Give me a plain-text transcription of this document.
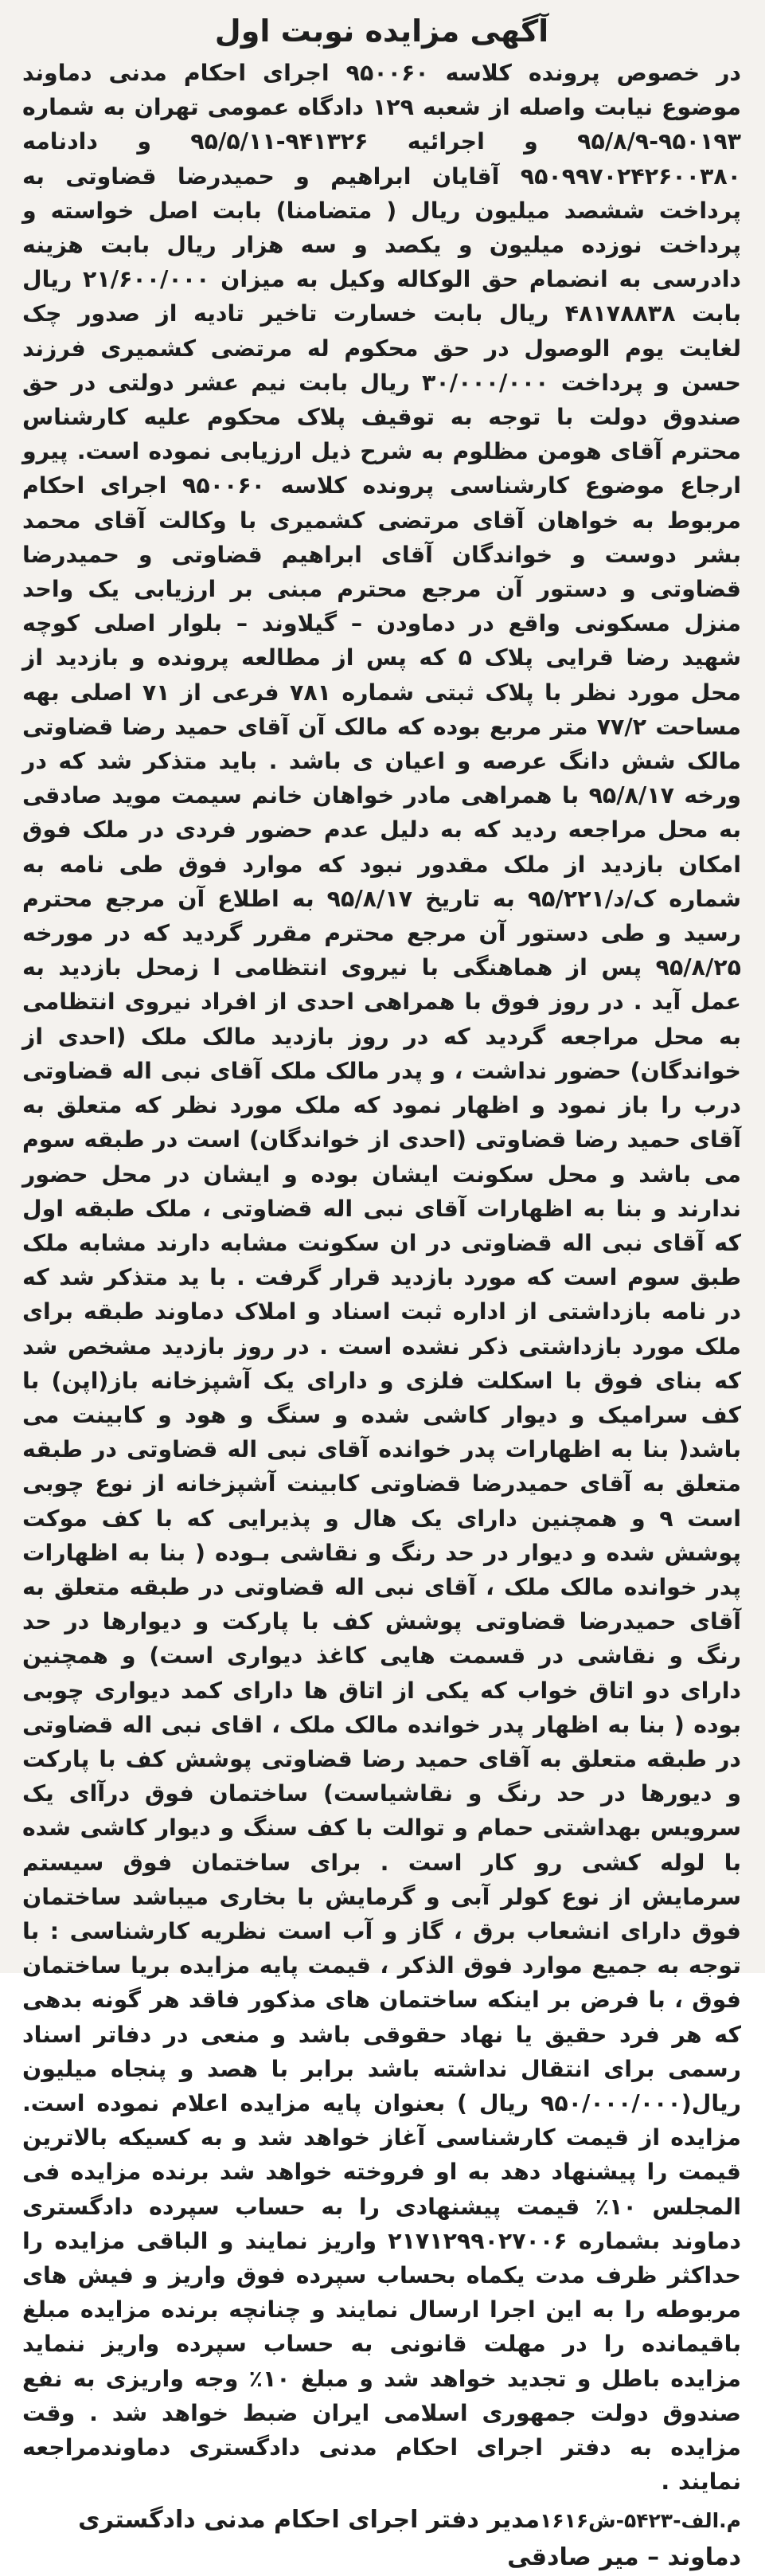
آگهی مزایده نوبت اول

در خصوص پرونده کلاسه ۹۵۰۰۶۰ اجرای احکام مدنی دماوند موضوع نیابت واصله از شعبه ۱۲۹ دادگاه عمومی تهران به شماره ۹۵۰۱۹۳-۹۵/۸/۹ و اجرائیه ۹۴۱۳۲۶-۹۵/۵/۱۱ و دادنامه ۹۵۰۹۹۷۰۲۴۲۶۰۰۳۸۰ آقایان ابراهیم و حمیدرضا قضاوتی به پرداخت ششصد میلیون ریال ( متضامنا) بابت اصل خواسته و پرداخت نوزده میلیون و یکصد و سه هزار ریال بابت هزینه دادرسی به انضمام حق الوکاله وکیل به میزان ۲۱/۶۰۰/۰۰۰ ریال بابت ۴۸۱۷۸۸۳۸ ریال بابت خسارت تاخیر تادیه از صدور چک لغایت یوم الوصول در حق محکوم له مرتضی کشمیری فرزند حسن و پرداخت ۳۰/۰۰۰/۰۰۰ ریال بابت نیم عشر دولتی در حق صندوق دولت با توجه به توقیف پلاک محکوم علیه کارشناس محترم آقای هومن مظلوم به شرح ذیل ارزیابی نموده است. پیرو ارجاع موضوع کارشناسی پرونده کلاسه ۹۵۰۰۶۰ اجرای احکام مربوط به خواهان آقای مرتضی کشمیری با وکالت آقای محمد بشر دوست و خواندگان آقای ابراهیم قضاوتی و حمیدرضا قضاوتی و دستور آن مرجع محترم مبنی بر ارزیابی یک واحد منزل مسکونی واقع در دماودن – گیلاوند – بلوار اصلی کوچه شهید رضا قرایی پلاک ۵ که پس از مطالعه پرونده و بازدید از محل مورد نظر با پلاک ثبتی شماره ۷۸۱ فرعی از ۷۱ اصلی بهه مساحت ۷۷/۲ متر مربع بوده که مالک آن آقای حمید رضا قضاوتی مالک شش دانگ عرصه و اعیان ی باشد . باید متذکر شد که در ورخه ۹۵/۸/۱۷ با همراهی مادر خواهان خانم سیمت موید صادقی به محل مراجعه ردید که به دلیل عدم حضور فردی در ملک فوق امکان بازدید از ملک مقدور نبود که موارد فوق طی نامه به شماره ک/د/۹۵/۲۲۱ به تاریخ ۹۵/۸/۱۷ به اطلاع آن مرجع محترم رسید و طی دستور آن مرجع محترم مقرر گردید که در مورخه ۹۵/۸/۲۵ پس از هماهنگی با نیروی انتظامی ا زمحل بازدید به عمل آید . در روز فوق با همراهی احدی از افراد نیروی انتظامی به محل مراجعه گردید که در روز بازدید مالک ملک (احدی از خواندگان) حضور نداشت ، و پدر مالک ملک آقای نبی اله قضاوتی درب را باز نمود و اظهار نمود که ملک مورد نظر که متعلق به آقای حمید رضا قضاوتی (احدی از خواندگان) است در طبقه سوم می باشد و محل سکونت ایشان بوده و ایشان در محل حضور ندارند و بنا به اظهارات آقای نبی اله قضاوتی ، ملک طبقه اول که آقای نبی اله قضاوتی در ان سکونت مشابه دارند مشابه ملک طبق سوم است که مورد بازدید قرار گرفت . با ید متذکر شد که در نامه بازداشتی از اداره ثبت اسناد و املاک دماوند طبقه برای ملک مورد بازداشتی ذکر نشده است . در روز بازدید مشخص شد که بنای فوق با اسکلت فلزی و دارای یک آشپزخانه باز(اپن) با کف سرامیک و دیوار کاشی شده و سنگ و هود و کابینت می باشد( بنا به اظهارات پدر خوانده آقای نبی اله قضاوتی در طبقه متعلق به آقای حمیدرضا قضاوتی کابینت آشپزخانه از نوع چوبی است ۹ و همچنین دارای یک هال و پذیرایی که با کف موکت پوشش شده و دیوار در حد رنگ و نقاشی بـوده ( بنا به اظهارات پدر خوانده مالک ملک ، آقای نبی اله قضاوتی در طبقه متعلق به آقای حمیدرضا قضاوتی پوشش کف با پارکت و دیوارها در حد رنگ و نقاشی در قسمت هایی کاغذ دیواری است) و همچنین دارای دو اتاق خواب که یکی از اتاق ها دارای کمد دیواری چوبی بوده ( بنا به اظهار پدر خوانده مالک ملک ، اقای نبی اله قضاوتی در طبقه متعلق به آقای حمید رضا قضاوتی پوشش کف با پارکت و دیورها در حد رنگ و نقاشیاست) ساختمان فوق درآای یک سرویس بهداشتی حمام و توالت با کف سنگ و دیوار کاشی شده با لوله کشی رو کار است . برای ساختمان فوق سیستم سرمایش از نوع کولر آبی و گرمایش با بخاری میباشد ساختمان فوق دارای انشعاب برق ، گاز و آب است نظریه کارشناسی : با توجه به جمیع موارد فوق الذکر ، قیمت پایه مزایده بریا ساختمان فوق ، با فرض بر اینکه ساختمان های مذکور فاقد هر گونه بدهی که هر فرد حقیق یا نهاد حقوقی باشد و منعی در دفاتر اسناد رسمی برای انتقال نداشته باشد برابر با هصد و پنجاه میلیون ریال(۹۵۰/۰۰۰/۰۰۰ ریال ) بعنوان پایه مزایده اعلام نموده است. مزایده از قیمت کارشناسی آغاز خواهد شد و به کسیکه بالاترین قیمت را پیشنهاد دهد به او فروخته خواهد شد برنده مزایده فی المجلس ۱۰٪ قیمت پیشنهادی را به حساب سپرده دادگستری دماوند بشماره ۲۱۷۱۲۹۹۰۲۷۰۰۶ واریز نمایند و الباقی مزایده را حداکثر ظرف مدت یکماه بحساب سپرده فوق واریز و فیش های مربوطه را به این اجرا ارسال نمایند و چنانچه برنده مزایده مبلغ باقیمانده را در مهلت قانونی به حساب سپرده واریز ننماید مزایده باطل و تجدید خواهد شد و مبلغ ۱۰٪ وجه واریزی به نفع صندوق دولت جمهوری اسلامی ایران ضبط خواهد شد . وقت مزایده به دفتر اجرای احکام مدنی دادگستری دماوندمراجعه نمایند .

۱۶۱۶م.الف-۵۴۲۳-شمدیر دفتر اجرای احکام مدنی دادگستری دماوند – میر صادقی
